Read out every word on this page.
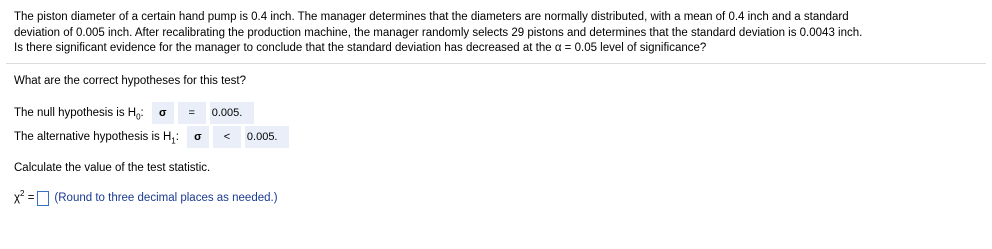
The piston diameter of a certain hand pump is 0.4 inch. The manager determines that the diameters are normally distributed, with a mean of 0.4 inch and a standard
deviation of 0.005 inch. After recalibrating the production machine, the manager randomly selects 29 pistons and determines that the standard deviation is 0.0043 inch.
Is there significant evidence for the manager to conclude that the standard deviation has decreased at the α = 0.05 level of significance?
What are the correct hypotheses for this test?
The null hypothesis is $H_0$:	σ	=	0.005.
The alternative hypothesis is $H_1$:	σ	<	0.005.
Calculate the value of the test statistic.
$\chi^2$ = (Round to three decimal places as needed.)
